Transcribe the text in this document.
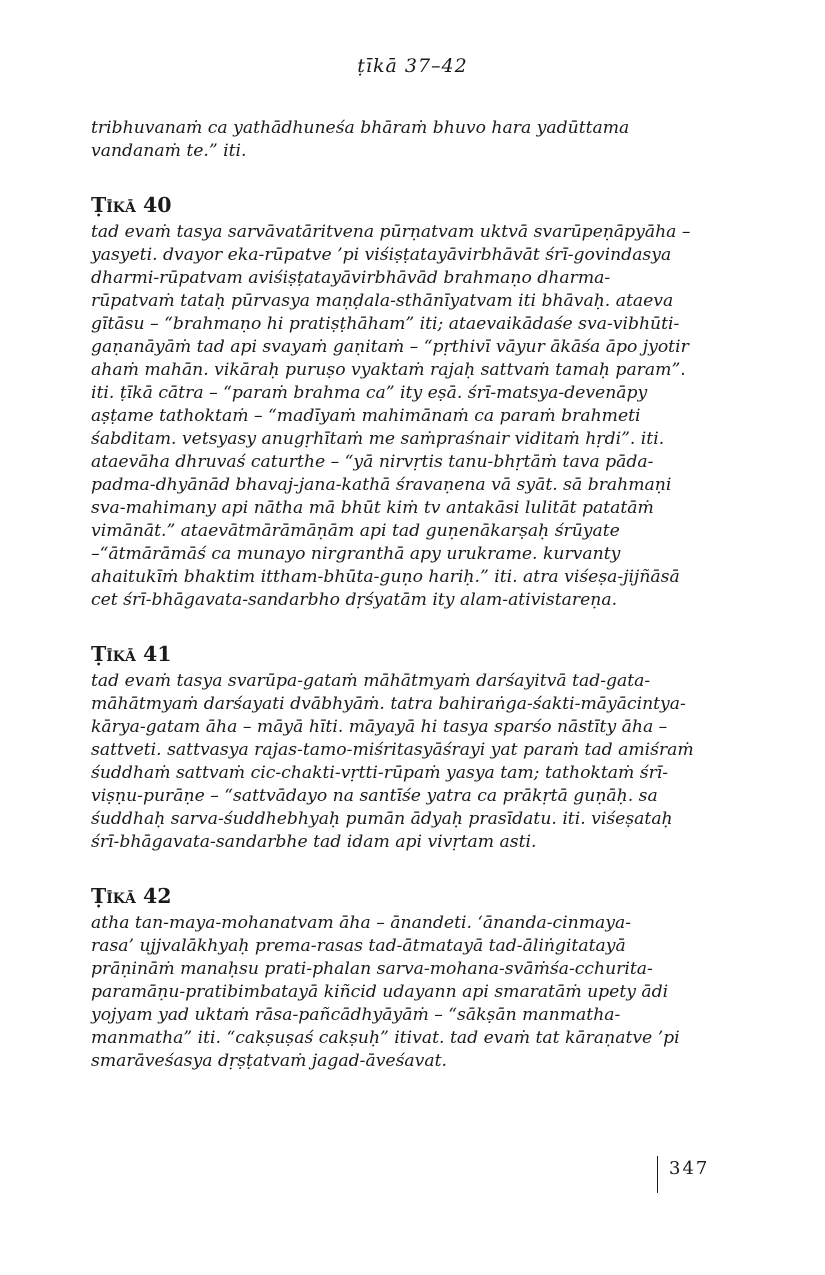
ṭīkā 37–42

tribhuvanaṁ ca yathādhuneśa bhāraṁ bhuvo hara yadūttama
vandanaṁ te.” iti.

Ṭīkā 40

tad evaṁ tasya sarvāvatāritvena pūrṇatvam uktvā svarūpeṇāpyāha –
yasyeti. dvayor eka-rūpatve ’pi viśiṣṭatayāvirbhāvāt śrī-govindasya
dharmi-rūpatvam aviśiṣṭatayāvirbhāvād brahmaṇo dharma-
rūpatvaṁ tataḥ pūrvasya maṇḍala-sthānīyatvam iti bhāvaḥ. ataeva
gītāsu – “brahmaṇo hi pratiṣṭhāham” iti; ataevaikādaśe sva-vibhūti-
gaṇanāyāṁ tad api svayaṁ gaṇitaṁ – “pṛthivī vāyur ākāśa āpo jyotir
ahaṁ mahān. vikāraḥ puruṣo vyaktaṁ rajaḥ sattvaṁ tamaḥ param”.
iti. ṭīkā cātra – “paraṁ brahma ca” ity eṣā. śrī-matsya-devenāpy
aṣṭame tathoktaṁ – “madīyaṁ mahimānaṁ ca paraṁ brahmeti
śabditam. vetsyasy anugṛhītaṁ me saṁpraśnair viditaṁ hṛdi”. iti.
ataevāha dhruvaś caturthe – “yā nirvṛtis tanu-bhṛtāṁ tava pāda-
padma-dhyānād bhavaj-jana-kathā śravaṇena vā syāt. sā brahmaṇi
sva-mahimany api nātha mā bhūt kiṁ tv antakāsi lulitāt patatāṁ
vimānāt.” ataevātmārāmāṇām api tad guṇenākarṣaḥ śrūyate
–“ātmārāmāś ca munayo nirgranthā apy urukrame. kurvanty
ahaitukīṁ bhaktim ittham-bhūta-guṇo hariḥ.” iti. atra viśeṣa-jijñāsā
cet śrī-bhāgavata-sandarbho dṛśyatām ity alam-ativistareṇa.

Ṭīkā 41

tad evaṁ tasya svarūpa-gataṁ māhātmyaṁ darśayitvā tad-gata-
māhātmyaṁ darśayati dvābhyāṁ. tatra bahiraṅga-śakti-māyācintya-
kārya-gatam āha – māyā hīti. māyayā hi tasya sparśo nāstīty āha –
sattveti. sattvasya rajas-tamo-miśritasyāśrayi yat paraṁ tad amiśraṁ
śuddhaṁ sattvaṁ cic-chakti-vṛtti-rūpaṁ yasya tam; tathoktaṁ śrī-
viṣṇu-purāṇe – “sattvādayo na santīśe yatra ca prākṛtā guṇāḥ. sa
śuddhaḥ sarva-śuddhebhyaḥ pumān ādyaḥ prasīdatu. iti. viśeṣataḥ
śrī-bhāgavata-sandarbhe tad idam api vivṛtam asti.

Ṭīkā 42

atha tan-maya-mohanatvam āha – ānandeti. ‘ānanda-cinmaya-
rasa’ ujjvalākhyaḥ prema-rasas tad-ātmatayā tad-āliṅgitatayā
prāṇināṁ manaḥsu prati-phalan sarva-mohana-svāṁśa-cchurita-
paramāṇu-pratibimbatayā kiñcid udayann api smaratāṁ upety ādi
yojyam yad uktaṁ rāsa-pañcādhyāyāṁ – “sākṣān manmatha-
manmatha” iti. “cakṣuṣaś cakṣuḥ” itivat. tad evaṁ tat kāraṇatve ’pi
smarāveśasya dṛṣṭatvaṁ jagad-āveśavat.

347
